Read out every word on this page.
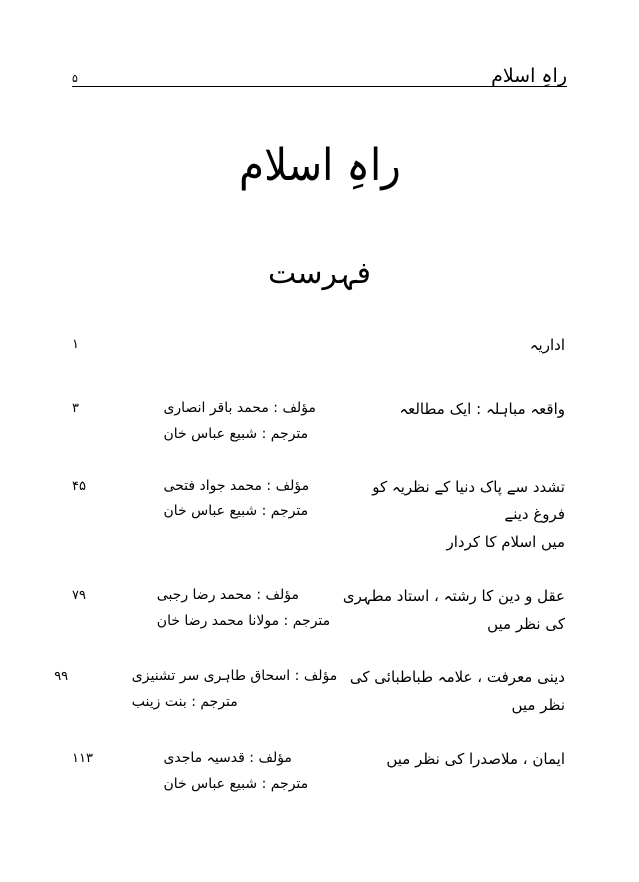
راہِ اسلام
۵
راہِ اسلام
فہرست
اداریہ
۱
واقعہ مباہلہ : ایک مطالعہ
مؤلف : محمد باقر انصاری
مترجم : شبیع عباس خان
۳
تشدد سے پاک دنیا کے نظریہ کو فروغ دینے
میں اسلام کا کردار
مؤلف : محمد جواد فتحی
مترجم : شبیع عباس خان
۴۵
عقل و دین کا رشتہ ، استاد مطہری کی نظر میں
مؤلف : محمد رضا رجبی
مترجم : مولانا محمد رضا خان
۷۹
دینی معرفت ، علامہ طباطبائی کی نظر میں
مؤلف : اسحاق طاہری سر تشنیزی
مترجم : بنت زینب
۹۹
ایمان ، ملاصدرا کی نظر میں
مؤلف : قدسیہ ماجدی
مترجم : شبیع عباس خان
۱۱۳
